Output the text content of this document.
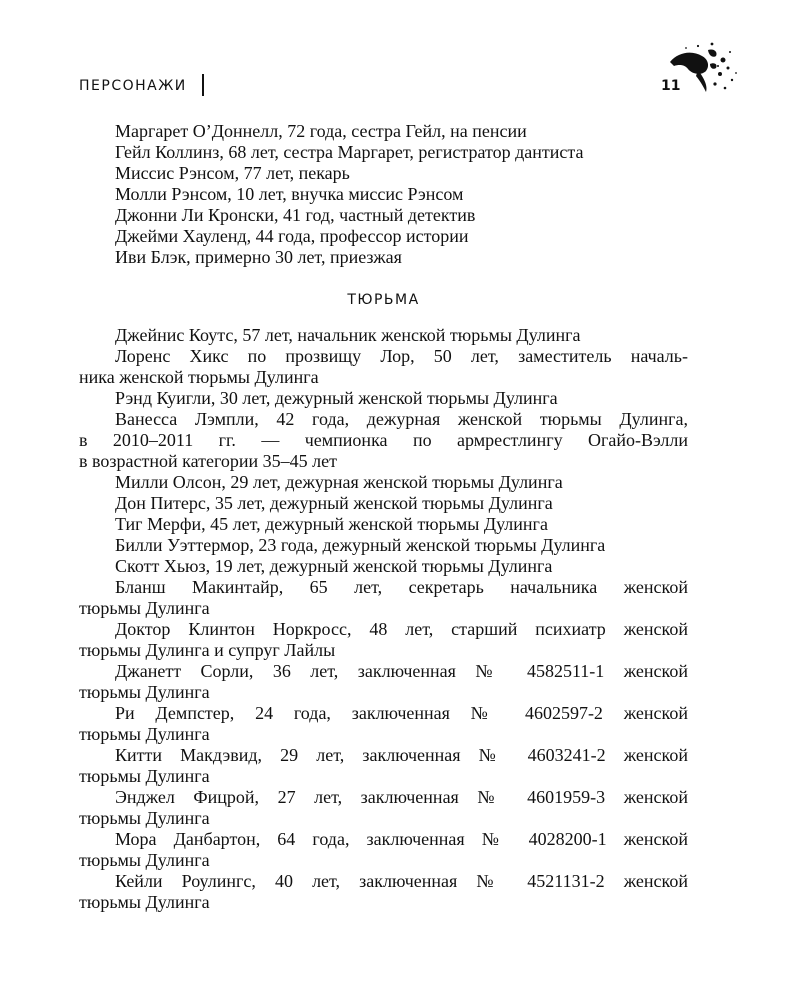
ПЕРСОНАЖИ	11
Маргарет О’Доннелл, 72 года, сестра Гейл, на пенсии
Гейл Коллинз, 68 лет, сестра Маргарет, регистратор дантиста
Миссис Рэнсом, 77 лет, пекарь
Молли Рэнсом, 10 лет, внучка миссис Рэнсом
Джонни Ли Кронски, 41 год, частный детектив
Джейми Хауленд, 44 года, профессор истории
Иви Блэк, примерно 30 лет, приезжая
ТЮРЬМА
Джейнис Коутс, 57 лет, начальник женской тюрьмы Дулинга
Лоренс Хикс по прозвищу Лор, 50 лет, заместитель началь-
ника женской тюрьмы Дулинга
Рэнд Куигли, 30 лет, дежурный женской тюрьмы Дулинга
Ванесса Лэмпли, 42 года, дежурная женской тюрьмы Дулинга,
в 2010–2011 гг. — чемпионка по армрестлингу Огайо-Вэлли
в возрастной категории 35–45 лет
Милли Олсон, 29 лет, дежурная женской тюрьмы Дулинга
Дон Питерс, 35 лет, дежурный женской тюрьмы Дулинга
Тиг Мерфи, 45 лет, дежурный женской тюрьмы Дулинга
Билли Уэттермор, 23 года, дежурный женской тюрьмы Дулинга
Скотт Хьюз, 19 лет, дежурный женской тюрьмы Дулинга
Бланш Макинтайр, 65 лет, секретарь начальника женской
тюрьмы Дулинга
Доктор Клинтон Норкросс, 48 лет, старший психиатр женской
тюрьмы Дулинга и супруг Лайлы
Джанетт Сорли, 36 лет, заключенная № 4582511-1 женской
тюрьмы Дулинга
Ри Демпстер, 24 года, заключенная № 4602597-2 женской
тюрьмы Дулинга
Китти Макдэвид, 29 лет, заключенная № 4603241-2 женской
тюрьмы Дулинга
Энджел Фицрой, 27 лет, заключенная № 4601959-3 женской
тюрьмы Дулинга
Мора Данбартон, 64 года, заключенная № 4028200-1 женской
тюрьмы Дулинга
Кейли Роулингс, 40 лет, заключенная № 4521131-2 женской
тюрьмы Дулинга
